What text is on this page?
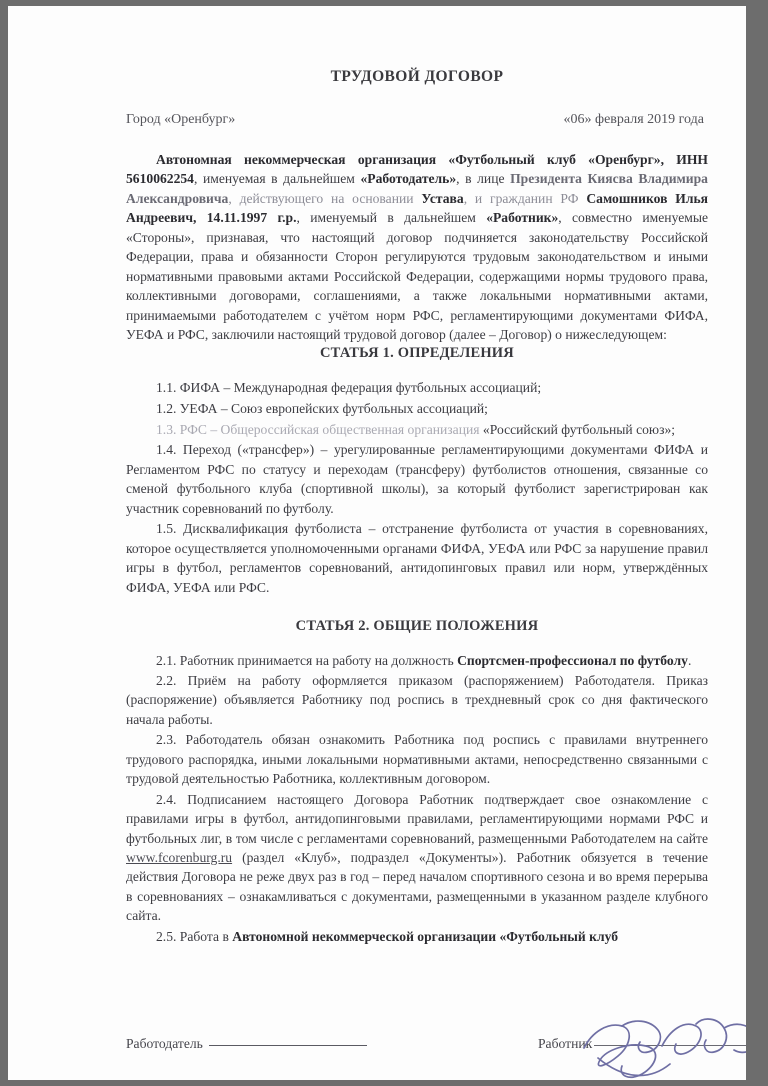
ТРУДОВОЙ ДОГОВОР
Город «Оренбург»	«06» февраля 2019 года

Автономная некоммерческая организация «Футбольный клуб «Оренбург», ИНН 5610062254, именуемая в дальнейшем «Работодатель», в лице Президента Киясва Владимира Александровича, действующего на основании Устава, и гражданин РФ Самошников Илья Андреевич, 14.11.1997 г.р., именуемый в дальнейшем «Работник», совместно именуемые «Стороны», признавая, что настоящий договор подчиняется законодательству Российской Федерации, права и обязанности Сторон регулируются трудовым законодательством и иными нормативными правовыми актами Российской Федерации, содержащими нормы трудового права, коллективными договорами, соглашениями, а также локальными нормативными актами, принимаемыми работодателем с учётом норм РФС, регламентирующими документами ФИФА, УЕФА и РФС, заключили настоящий трудовой договор (далее – Договор) о нижеследующем:

СТАТЬЯ 1. ОПРЕДЕЛЕНИЯ

1.1. ФИФА – Международная федерация футбольных ассоциаций;

1.2. УЕФА – Союз европейских футбольных ассоциаций;

1.3. РФС – Общероссийская общественная организация «Российский футбольный союз»;

1.4. Переход («трансфер») – урегулированные регламентирующими документами ФИФА и Регламентом РФС по статусу и переходам (трансферу) футболистов отношения, связанные со сменой футбольного клуба (спортивной школы), за который футболист зарегистрирован как участник соревнований по футболу.

1.5. Дисквалификация футболиста – отстранение футболиста от участия в соревнованиях, которое осуществляется уполномоченными органами ФИФА, УЕФА или РФС за нарушение правил игры в футбол, регламентов соревнований, антидопинговых правил или норм, утверждённых ФИФА, УЕФА или РФС.

СТАТЬЯ 2. ОБЩИЕ ПОЛОЖЕНИЯ

2.1. Работник принимается на работу на должность Спортсмен-профессионал по футболу.

2.2. Приём на работу оформляется приказом (распоряжением) Работодателя. Приказ (распоряжение) объявляется Работнику под роспись в трехдневный срок со дня фактического начала работы.

2.3. Работодатель обязан ознакомить Работника под роспись с правилами внутреннего трудового распорядка, иными локальными нормативными актами, непосредственно связанными с трудовой деятельностью Работника, коллективным договором.

2.4. Подписанием настоящего Договора Работник подтверждает свое ознакомление с правилами игры в футбол, антидопинговыми правилами, регламентирующими нормами РФС и футбольных лиг, в том числе с регламентами соревнований, размещенными Работодателем на сайте www.fcorenburg.ru (раздел «Клуб», подраздел «Документы»). Работник обязуется в течение действия Договора не реже двух раз в год – перед началом спортивного сезона и во время перерыва в соревнованиях – ознакамливаться с документами, размещенными в указанном разделе клубного сайта.

2.5. Работа в Автономной некоммерческой организации «Футбольный клуб

Работодатель	Работник
